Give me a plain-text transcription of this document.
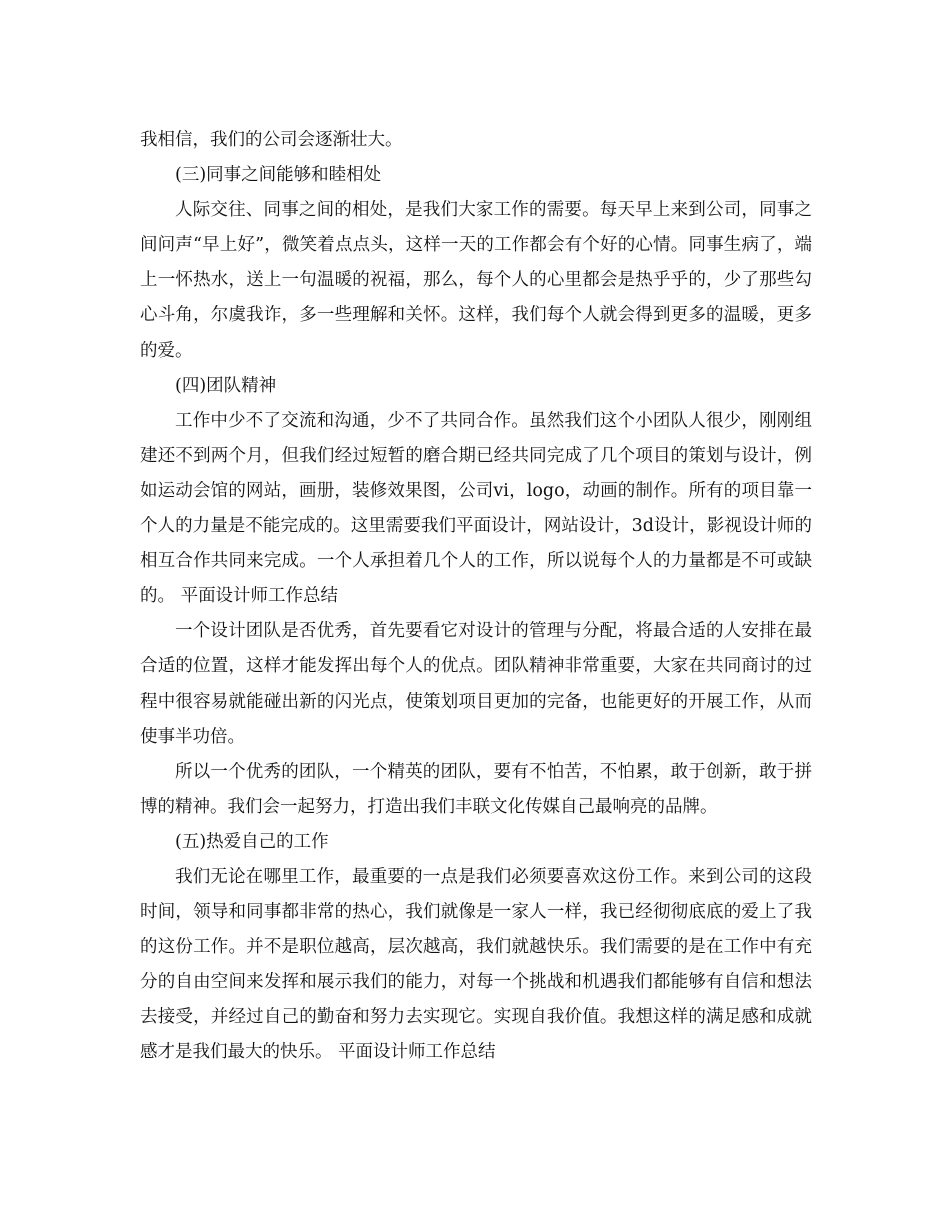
我相信，我们的公司会逐渐壮大。

(三)同事之间能够和睦相处

人际交往、同事之间的相处，是我们大家工作的需要。每天早上来到公司，同事之间问声“早上好”，微笑着点点头，这样一天的工作都会有个好的心情。同事生病了，端上一怀热水，送上一句温暖的祝福，那么，每个人的心里都会是热乎乎的，少了那些勾心斗角，尔虞我诈，多一些理解和关怀。这样，我们每个人就会得到更多的温暖，更多的爱。

(四)团队精神

工作中少不了交流和沟通，少不了共同合作。虽然我们这个小团队人很少，刚刚组建还不到两个月，但我们经过短暂的磨合期已经共同完成了几个项目的策划与设计，例如运动会馆的网站，画册，装修效果图，公司vi，logo，动画的制作。所有的项目靠一个人的力量是不能完成的。这里需要我们平面设计，网站设计，3d设计，影视设计师的相互合作共同来完成。一个人承担着几个人的工作，所以说每个人的力量都是不可或缺的。 平面设计师工作总结

一个设计团队是否优秀，首先要看它对设计的管理与分配，将最合适的人安排在最合适的位置，这样才能发挥出每个人的优点。团队精神非常重要，大家在共同商讨的过程中很容易就能碰出新的闪光点，使策划项目更加的完备，也能更好的开展工作，从而使事半功倍。

所以一个优秀的团队，一个精英的团队，要有不怕苦，不怕累，敢于创新，敢于拼博的精神。我们会一起努力，打造出我们丰联文化传媒自己最响亮的品牌。

(五)热爱自己的工作

我们无论在哪里工作，最重要的一点是我们必须要喜欢这份工作。来到公司的这段时间，领导和同事都非常的热心，我们就像是一家人一样，我已经彻彻底底的爱上了我的这份工作。并不是职位越高，层次越高，我们就越快乐。我们需要的是在工作中有充分的自由空间来发挥和展示我们的能力，对每一个挑战和机遇我们都能够有自信和想法去接受，并经过自己的勤奋和努力去实现它。实现自我价值。我想这样的满足感和成就感才是我们最大的快乐。 平面设计师工作总结
